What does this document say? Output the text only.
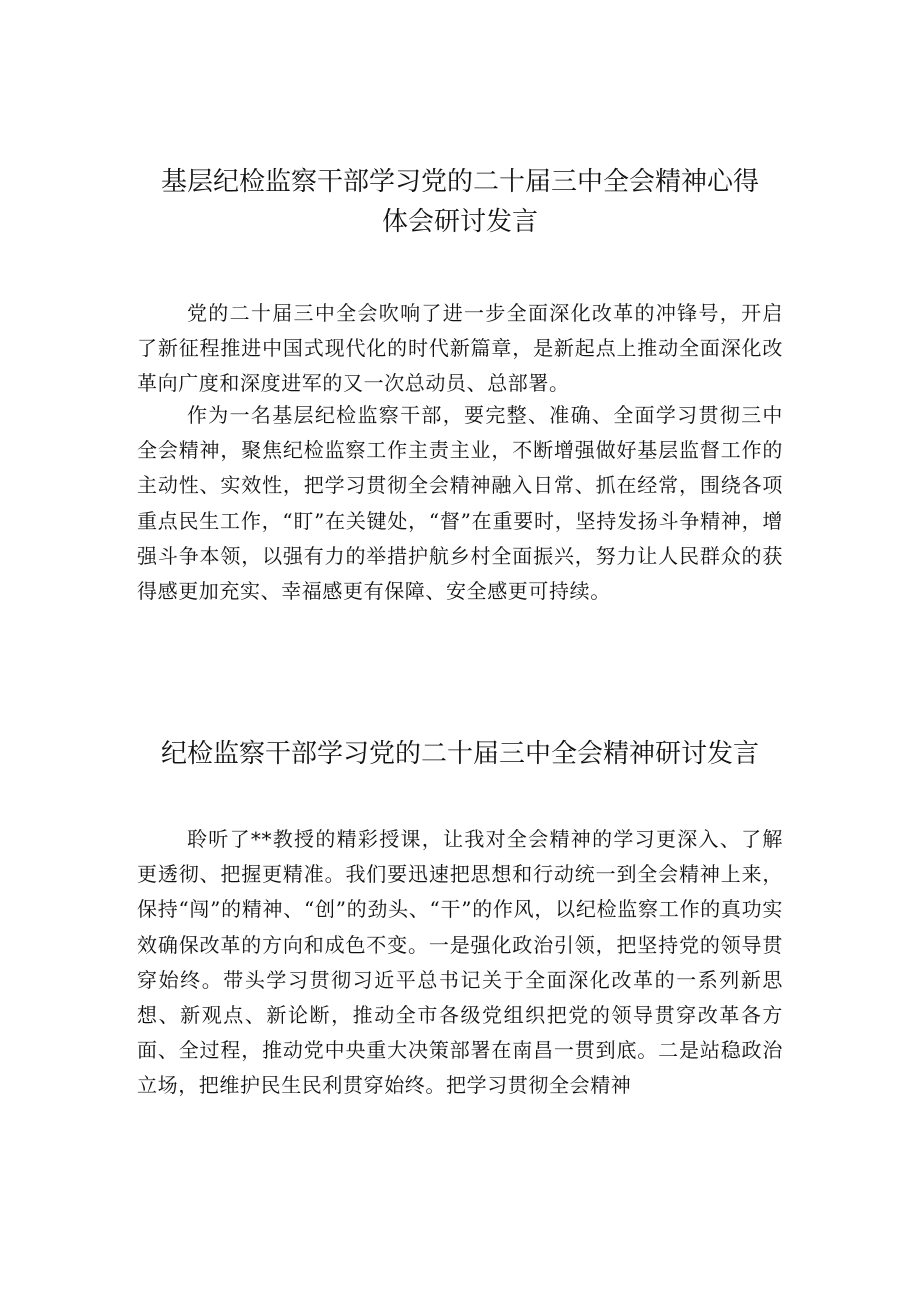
基层纪检监察干部学习党的二十届三中全会精神心得
体会研讨发言

党的二十届三中全会吹响了进一步全面深化改革的冲锋号，开启了新征程推进中国式现代化的时代新篇章，是新起点上推动全面深化改革向广度和深度进军的又一次总动员、总部署。

作为一名基层纪检监察干部，要完整、准确、全面学习贯彻三中全会精神，聚焦纪检监察工作主责主业，不断增强做好基层监督工作的主动性、实效性，把学习贯彻全会精神融入日常、抓在经常，围绕各项重点民生工作，“盯”在关键处，“督”在重要时，坚持发扬斗争精神，增强斗争本领，以强有力的举措护航乡村全面振兴，努力让人民群众的获得感更加充实、幸福感更有保障、安全感更可持续。

纪检监察干部学习党的二十届三中全会精神研讨发言

聆听了**教授的精彩授课，让我对全会精神的学习更深入、了解更透彻、把握更精准。我们要迅速把思想和行动统一到全会精神上来，保持“闯”的精神、“创”的劲头、“干”的作风，以纪检监察工作的真功实效确保改革的方向和成色不变。一是强化政治引领，把坚持党的领导贯穿始终。带头学习贯彻习近平总书记关于全面深化改革的一系列新思想、新观点、新论断，推动全市各级党组织把党的领导贯穿改革各方面、全过程，推动党中央重大决策部署在南昌一贯到底。二是站稳政治立场，把维护民生民利贯穿始终。把学习贯彻全会精神
